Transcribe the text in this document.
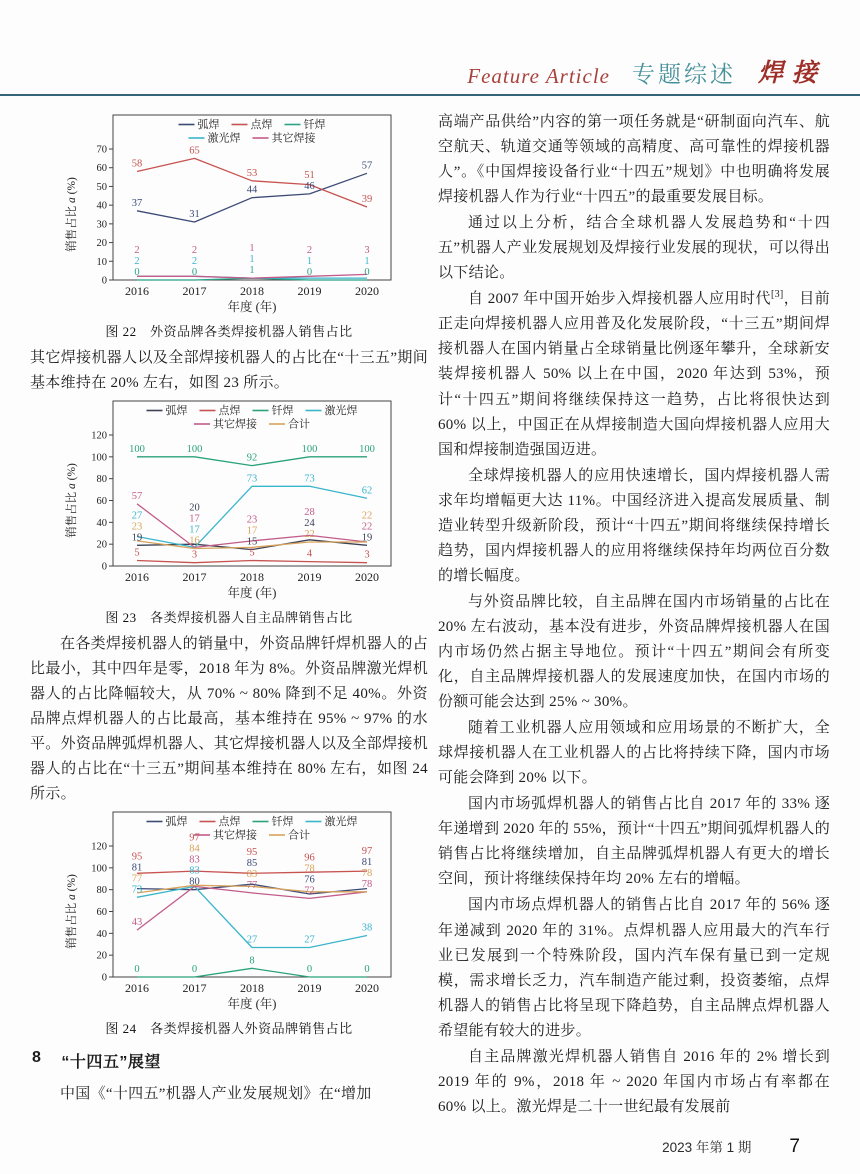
Feature Article 专题综述 焊接
0
10
20
30
40
50
60
70
2016	2017	2018	2019	2020
年度 (年)
销售占比 a (%)
弧焊	点焊	钎焊
激光焊	其它焊接
0
2
2
37
58
0
2
2
31
65
1
1
1
44
53
0
1
2
46
51
0
1
3
39
57
图 22　外资品牌各类焊接机器人销售占比

其它焊接机器人以及全部焊接机器人的占比在“十三五”期间基本维持在 20% 左右，如图 23 所示。

0
20
40
60
80
100
120
2016	2017	2018	2019	2020
年度 (年)
销售占比 a (%)
弧焊	点焊	钎焊	激光焊
其它焊接	合计
5
19
23
27
57
100
3
16
17
17
20
100
5
15
17
23
73
92
4
22
24
28
73
100
3
19
22
22
62
100
图 23　各类焊接机器人自主品牌销售占比

在各类焊接机器人的销量中，外资品牌钎焊机器人的占比最小，其中四年是零，2018 年为 8%。外资品牌激光焊机器人的占比降幅较大，从 70% ~ 80% 降到不足 40%。外资品牌点焊机器人的占比最高，基本维持在 95% ~ 97% 的水平。外资品牌弧焊机器人、其它焊接机器人以及全部焊接机器人的占比在“十三五”期间基本维持在 80% 左右，如图 24 所示。

0
20
40
60
80
100
120
2016	2017	2018	2019	2020
年度 (年)
销售占比 a (%)
弧焊	点焊	钎焊	激光焊
其它焊接	合计
0
43
73
77
81
95
0
80
83
83
84
97
8
27
77
83
85
95
0
27
72
76
78
96
0
38
78
78
81
97
图 24　各类焊接机器人外资品牌销售占比
8 “十四五”展望

中国《“十四五”机器人产业发展规划》在“增加

高端产品供给”内容的第一项任务就是“研制面向汽车、航空航天、轨道交通等领域的高精度、高可靠性的焊接机器人”。《中国焊接设备行业“十四五”规划》中也明确将发展焊接机器人作为行业“十四五”的最重要发展目标。

通过以上分析，结合全球机器人发展趋势和“十四五”机器人产业发展规划及焊接行业发展的现状，可以得出以下结论。

自 2007 年中国开始步入焊接机器人应用时代[3]，目前正走向焊接机器人应用普及化发展阶段，“十三五”期间焊接机器人在国内销量占全球销量比例逐年攀升，全球新安装焊接机器人 50% 以上在中国，2020 年达到 53%，预计“十四五”期间将继续保持这一趋势，占比将很快达到 60% 以上，中国正在从焊接制造大国向焊接机器人应用大国和焊接制造强国迈进。

全球焊接机器人的应用快速增长，国内焊接机器人需求年均增幅更大达 11%。中国经济进入提高发展质量、制造业转型升级新阶段，预计“十四五”期间将继续保持增长趋势，国内焊接机器人的应用将继续保持年均两位百分数的增长幅度。

与外资品牌比较，自主品牌在国内市场销量的占比在 20% 左右波动，基本没有进步，外资品牌焊接机器人在国内市场仍然占据主导地位。预计“十四五”期间会有所变化，自主品牌焊接机器人的发展速度加快，在国内市场的份额可能会达到 25% ~ 30%。

随着工业机器人应用领域和应用场景的不断扩大，全球焊接机器人在工业机器人的占比将持续下降，国内市场可能会降到 20% 以下。

国内市场弧焊机器人的销售占比自 2017 年的 33% 逐年递增到 2020 年的 55%，预计“十四五”期间弧焊机器人的销售占比将继续增加，自主品牌弧焊机器人有更大的增长空间，预计将继续保持年均 20% 左右的增幅。

国内市场点焊机器人的销售占比自 2017 年的 56% 逐年递减到 2020 年的 31%。点焊机器人应用最大的汽车行业已发展到一个特殊阶段，国内汽车保有量已到一定规模，需求增长乏力，汽车制造产能过剩，投资萎缩，点焊机器人的销售占比将呈现下降趋势，自主品牌点焊机器人希望能有较大的进步。

自主品牌激光焊机器人销售自 2016 年的 2% 增长到 2019 年的 9%，2018 年 ~ 2020 年国内市场占有率都在 60% 以上。激光焊是二十一世纪最有发展前

2023 年第 1 期 7
